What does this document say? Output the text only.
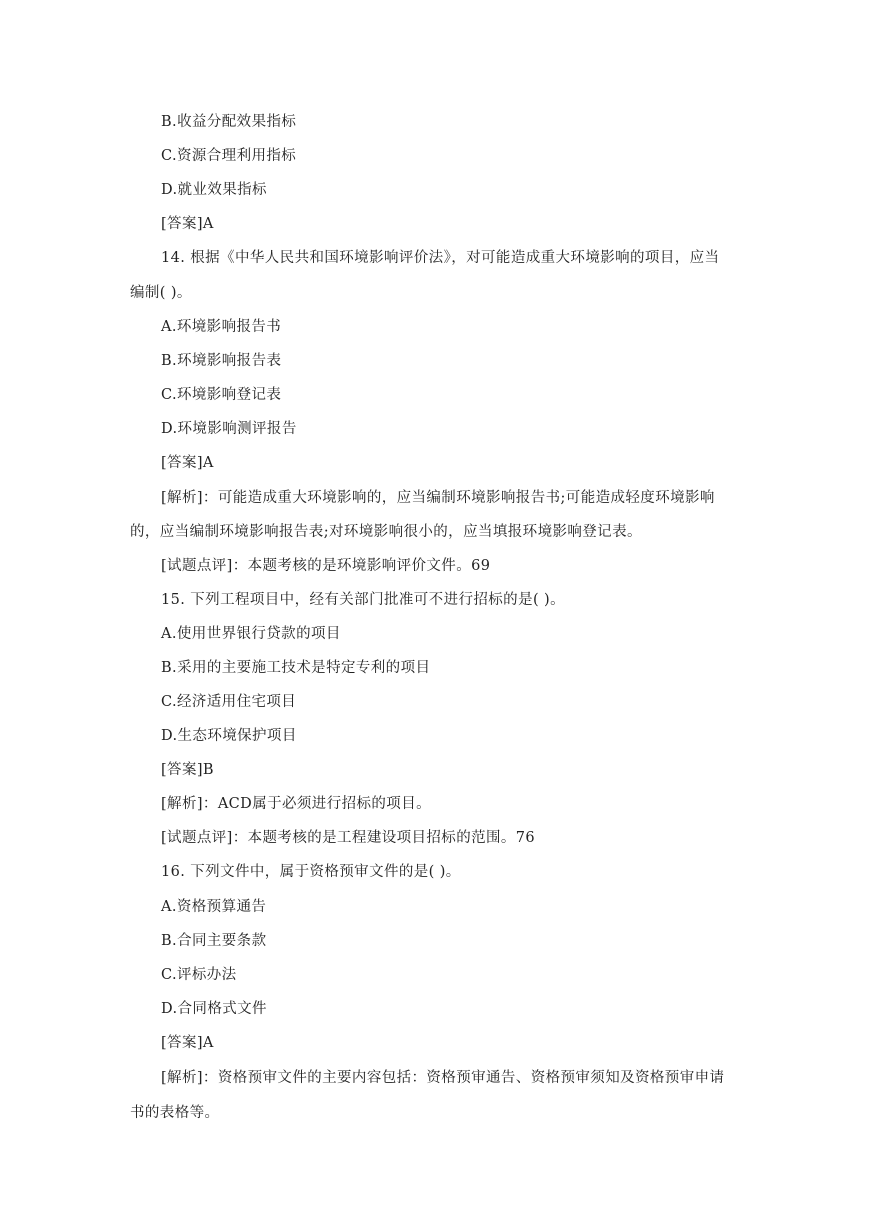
B.收益分配效果指标
C.资源合理利用指标
D.就业效果指标
[答案]A
14. 根据《中华人民共和国环境影响评价法》，对可能造成重大环境影响的项目，应当
编制( )。
A.环境影响报告书
B.环境影响报告表
C.环境影响登记表
D.环境影响测评报告
[答案]A
[解析]：可能造成重大环境影响的，应当编制环境影响报告书;可能造成轻度环境影响
的，应当编制环境影响报告表;对环境影响很小的，应当填报环境影响登记表。
[试题点评]：本题考核的是环境影响评价文件。69
15. 下列工程项目中，经有关部门批准可不进行招标的是( )。
A.使用世界银行贷款的项目
B.采用的主要施工技术是特定专利的项目
C.经济适用住宅项目
D.生态环境保护项目
[答案]B
[解析]：ACD属于必须进行招标的项目。
[试题点评]：本题考核的是工程建设项目招标的范围。76
16. 下列文件中，属于资格预审文件的是( )。
A.资格预算通告
B.合同主要条款
C.评标办法
D.合同格式文件
[答案]A
[解析]：资格预审文件的主要内容包括：资格预审通告、资格预审须知及资格预审申请
书的表格等。
